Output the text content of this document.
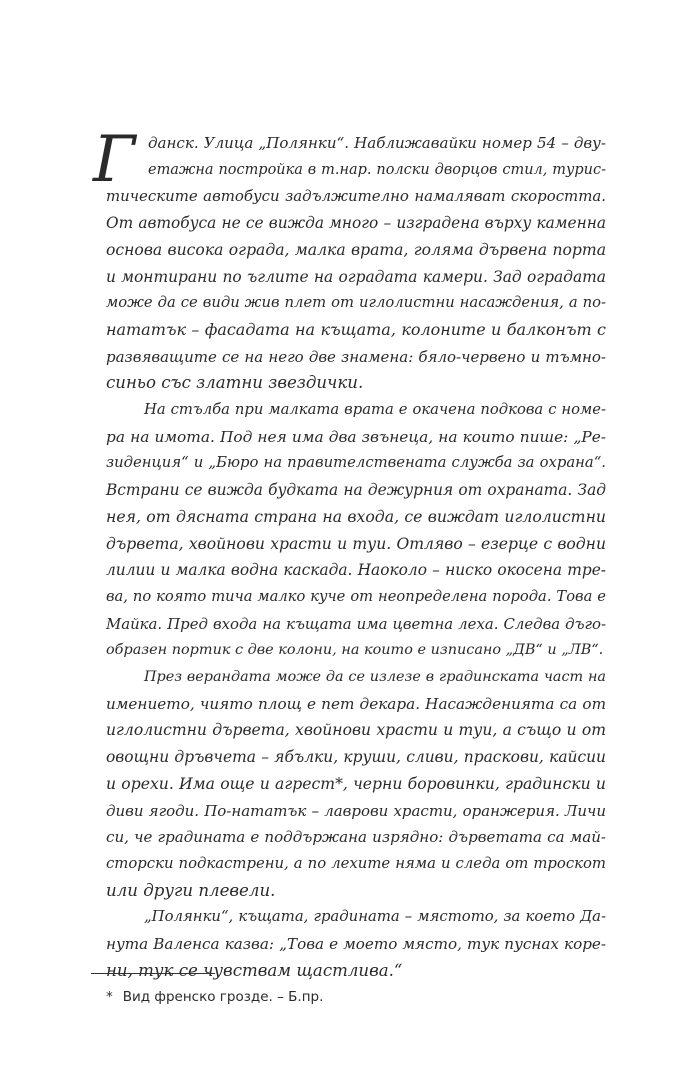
Г данск. Улица „Полянки“. Наближавайки номер 54 – дву-
етажна постройка в т.нар. полски дворцов стил, турис-
тическите автобуси задължително намаляват скоростта.
От автобуса не се вижда много – изградена върху каменна
основа висока ограда, малка врата, голяма дървена порта
и монтирани по ъглите на оградата камери. Зад оградата
може да се види жив плет от иглолистни насаждения, а по-
нататък – фасадата на къщата, колоните и балконът с
развяващите се на него две знамена: бяло-червено и тъмно-
синьо със златни звездички.
На стълба при малката врата е окачена подкова с номе-
ра на имота. Под нея има два звънеца, на които пише: „Ре-
зиденция“ и „Бюро на правителствената служба за охрана“.
Встрани се вижда будката на дежурния от охраната. Зад
нея, от дясната страна на входа, се виждат иглолистни
дървета, хвойнови храсти и туи. Отляво – езерце с водни
лилии и малка водна каскада. Наоколо – ниско окосена тре-
ва, по която тича малко куче от неопределена порода. Това е
Майка. Пред входа на къщата има цветна леха. Следва дъго-
образен портик с две колони, на които е изписано „ДВ“ и „ЛВ“.
През верандата може да се излезе в градинската част на
имението, чиято площ е пет декара. Насажденията са от
иглолистни дървета, хвойнови храсти и туи, а също и от
овощни дръвчета – ябълки, круши, сливи, праскови, кайсии
и орехи. Има още и агрест*, черни боровинки, градински и
диви ягоди. По-нататък – лаврови храсти, оранжерия. Личи
си, че градината е поддържана изрядно: дърветата са май-
сторски подкастрени, а по лехите няма и следа от троскот
или други плевели.
„Полянки“, къщата, градината – мястото, за което Да-
нута Валенса казва: „Това е моето място, тук пуснах коре-
ни, тук се чувствам щастлива.“
* Вид френско грозде. – Б.пр.
